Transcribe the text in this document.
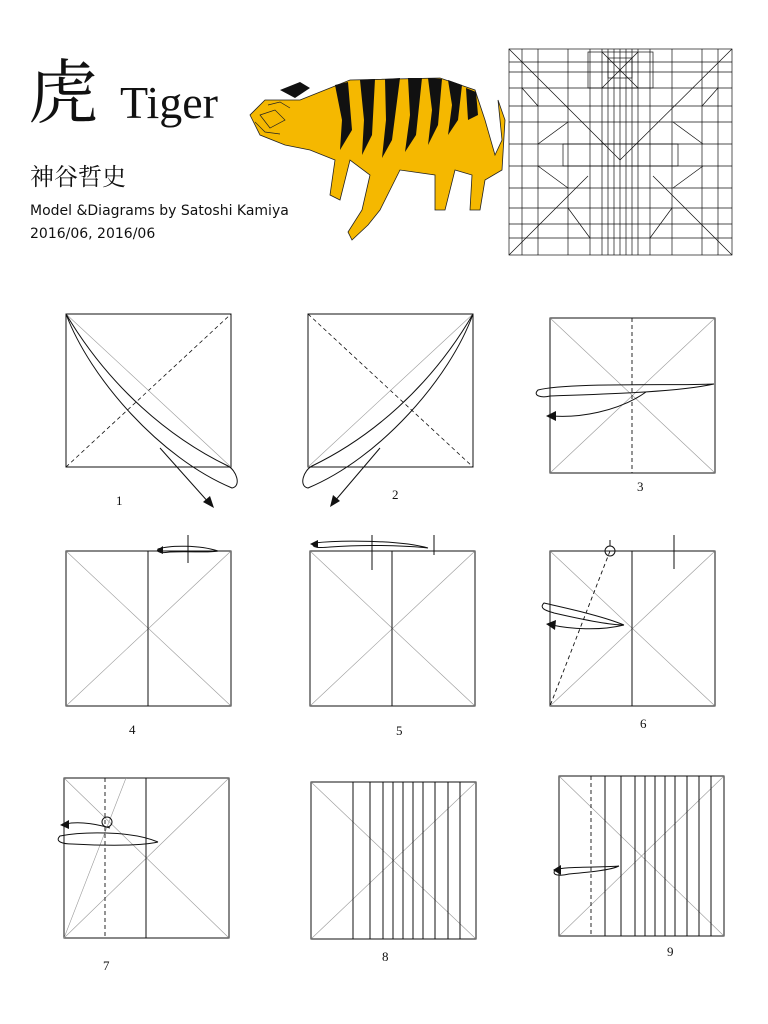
虎 Tiger
神谷哲史
Model &Diagrams by Satoshi Kamiya
2016/06, 2016/06
1	2
3
4	5	6
7
8	9
